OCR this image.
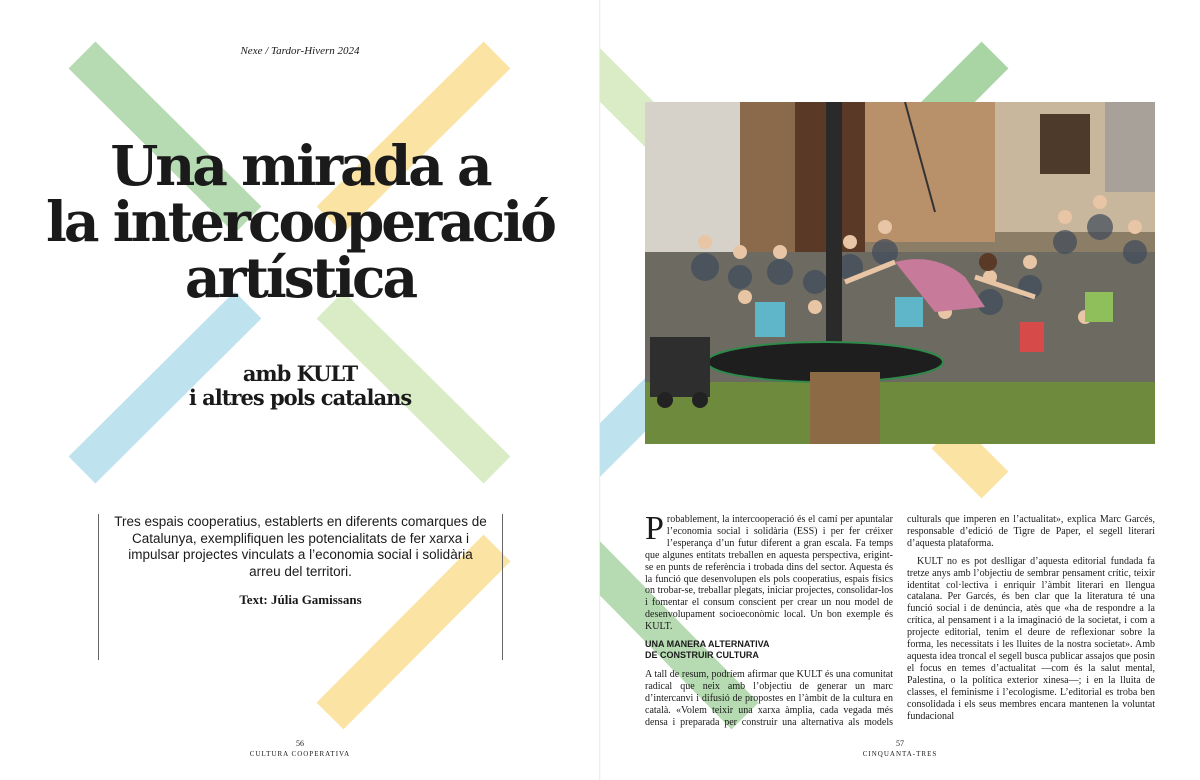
Nexe / Tardor-Hivern 2024
Una mirada a
la intercooperació
artística
amb KULT
i altres pols catalans

Tres espais cooperatius, establerts en diferents comarques de Catalunya, exemplifiquen les potencialitats de fer xarxa i impulsar projectes vinculats a l’economia social i solidària arreu del territori.

Text: Júlia Gamissans

56
CULTURA COOPERATIVA

Probablement, la intercooperació és el camí per apuntalar l’economia social i solidària (ESS) i per fer créixer l’esperança d’un futur diferent a gran escala. Fa temps que algunes entitats treballen en aquesta perspectiva, erigint-se en punts de referència i trobada dins del sector. Aquesta és la funció que desenvolupen els pols cooperatius, espais físics on trobar-se, treballar plegats, iniciar projectes, consolidar-los i fomentar el consum conscient per crear un nou model de desenvolupament socioeconòmic local. Un bon exemple és KULT.

UNA MANERA ALTERNATIVA
DE CONSTRUIR CULTURA

A tall de resum, podríem afirmar que KULT és una comunitat radical que neix amb l’objectiu de generar un marc d’intercanvi i difusió de propostes en l’àmbit de la cultura en català. «Volem teixir una xarxa àmplia, cada vegada més densa i preparada per construir una alternativa als models culturals que imperen en l’actualitat», explica Marc Garcés, responsable d’edició de Tigre de Paper, el segell literari d’aquesta plataforma.

KULT no es pot deslligar d’aquesta editorial fundada fa tretze anys amb l’objectiu de sembrar pensament crític, teixir identitat col·lectiva i enriquir l’àmbit literari en llengua catalana. Per Garcés, és ben clar que la literatura té una funció social i de denúncia, atès que «ha de respondre a la crítica, al pensament i a la imaginació de la societat, i com a projecte editorial, tenim el deure de reflexionar sobre la forma, les necessitats i les lluites de la nostra societat». Amb aquesta idea troncal el segell busca publicar assajos que posin el focus en temes d’actualitat —com és la salut mental, Palestina, o la política exterior xinesa—; i en la lluita de classes, el feminisme i l’ecologisme. L’editorial es troba ben consolidada i els seus membres encara mantenen la voluntat fundacional

57
CINQUANTA-TRES
